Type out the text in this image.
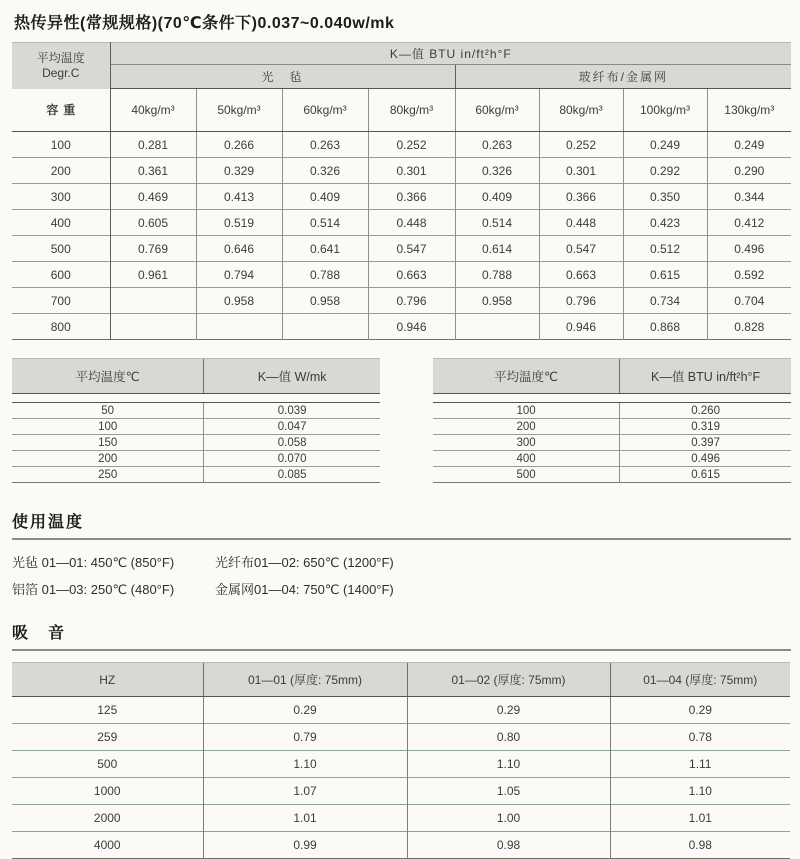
热传异性(常规规格)(70℃条件下)0.037~0.040w/mk
平均温度
Degr.C	K—值 BTU in/ft²h°F							
	光　毡				玻纤布/金属网			
容重	40kg/m³	50kg/m³	60kg/m³	80kg/m³	60kg/m³	80kg/m³	100kg/m³	130kg/m³
100	0.281	0.266	0.263	0.252	0.263	0.252	0.249	0.249
200	0.361	0.329	0.326	0.301	0.326	0.301	0.292	0.290
300	0.469	0.413	0.409	0.366	0.409	0.366	0.350	0.344
400	0.605	0.519	0.514	0.448	0.514	0.448	0.423	0.412
500	0.769	0.646	0.641	0.547	0.614	0.547	0.512	0.496
600	0.961	0.794	0.788	0.663	0.788	0.663	0.615	0.592
700		0.958	0.958	0.796	0.958	0.796	0.734	0.704
800				0.946		0.946	0.868	0.828
平均温度℃	K—值 W/mk
50	0.039
100	0.047
150	0.058
200	0.070
250	0.085
平均温度℃	K—值 BTU in/ft²h°F
100	0.260
200	0.319
300	0.397
400	0.496
500	0.615
使用温度
光毡 01—01: 450℃ (850°F)	光纤布01—02: 650℃ (1200°F)
铝箔 01—03: 250℃ (480°F)	金属网01—04: 750℃ (1400°F)
吸　音
HZ	01—01 (厚度: 75mm)	01—02 (厚度: 75mm)	01—04 (厚度: 75mm)
125	0.29	0.29	0.29
259	0.79	0.80	0.78
500	1.10	1.10	1.11
1000	1.07	1.05	1.10
2000	1.01	1.00	1.01
4000	0.99	0.98	0.98
